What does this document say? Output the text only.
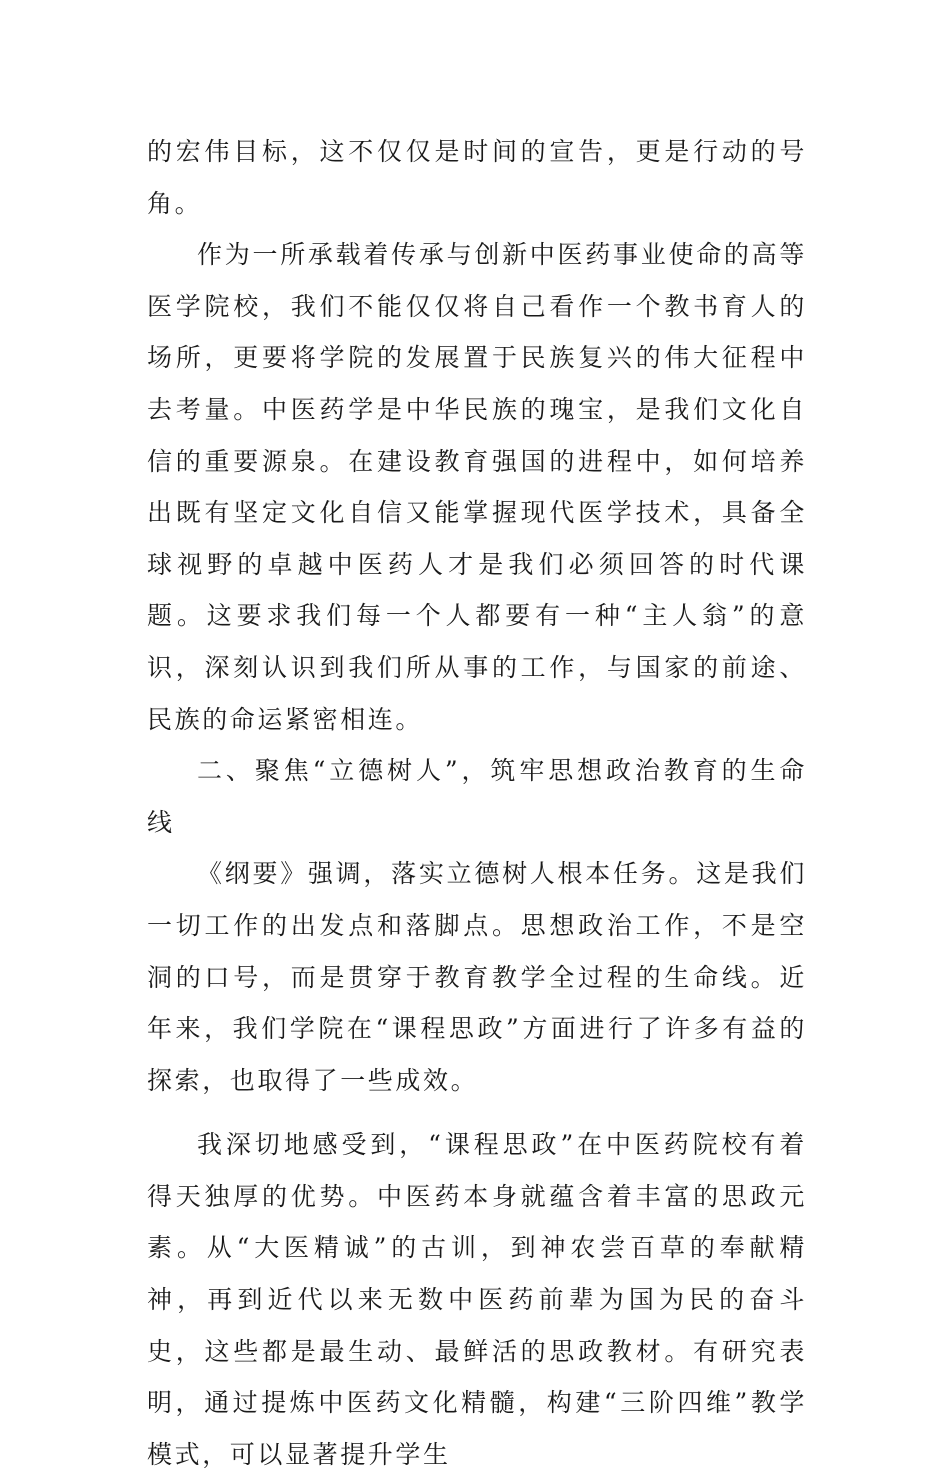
的宏伟目标，这不仅仅是时间的宣告，更是行动的号角。

作为一所承载着传承与创新中医药事业使命的高等医学院校，我们不能仅仅将自己看作一个教书育人的场所，更要将学院的发展置于民族复兴的伟大征程中去考量。中医药学是中华民族的瑰宝，是我们文化自信的重要源泉。在建设教育强国的进程中，如何培养出既有坚定文化自信又能掌握现代医学技术，具备全球视野的卓越中医药人才是我们必须回答的时代课题。这要求我们每一个人都要有一种“主人翁”的意识，深刻认识到我们所从事的工作，与国家的前途、民族的命运紧密相连。

二、聚焦“立德树人”，筑牢思想政治教育的生命线

《纲要》强调，落实立德树人根本任务。这是我们一切工作的出发点和落脚点。思想政治工作，不是空洞的口号，而是贯穿于教育教学全过程的生命线。近年来，我们学院在“课程思政”方面进行了许多有益的探索，也取得了一些成效。

我深切地感受到，“课程思政”在中医药院校有着得天独厚的优势。中医药本身就蕴含着丰富的思政元素。从“大医精诚”的古训，到神农尝百草的奉献精神，再到近代以来无数中医药前辈为国为民的奋斗史，这些都是最生动、最鲜活的思政教材。有研究表明，通过提炼中医药文化精髓，构建“三阶四维”教学模式，可以显著提升学生
